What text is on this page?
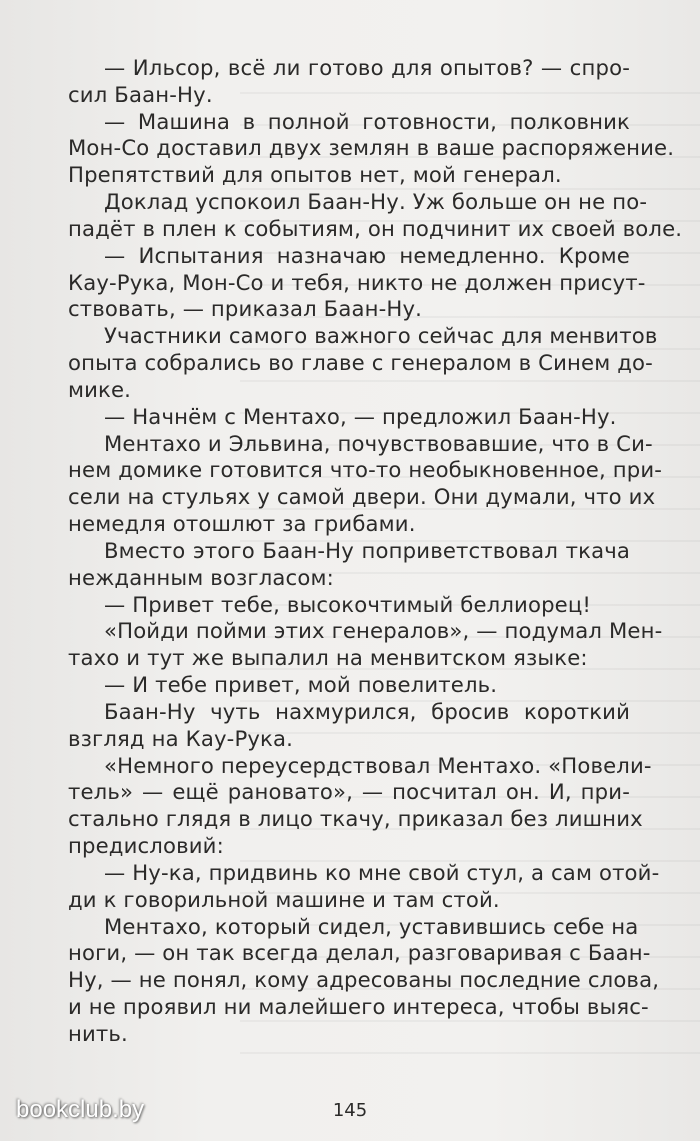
— Ильсор, всё ли готово для опытов? — спро-
сил Баан-Ну.
— Машина в полной готовности, полковник
Мон-Со доставил двух землян в ваше распоряжение.
Препятствий для опытов нет, мой генерал.
Доклад успокоил Баан-Ну. Уж больше он не по-
падёт в плен к событиям, он подчинит их своей воле.
— Испытания назначаю немедленно. Кроме
Кау-Рука, Мон-Со и тебя, никто не должен присут-
ствовать, — приказал Баан-Ну.
Участники самого важного сейчас для менвитов
опыта собрались во главе с генералом в Синем до-
мике.
— Начнём с Ментахо, — предложил Баан-Ну.
Ментахо и Эльвина, почувствовавшие, что в Си-
нем домике готовится что-то необыкновенное, при-
сели на стульях у самой двери. Они думали, что их
немедля отошлют за грибами.
Вместо этого Баан-Ну поприветствовал ткача
нежданным возгласом:
— Привет тебе, высокочтимый беллиорец!
«Пойди пойми этих генералов», — подумал Мен-
тахо и тут же выпалил на менвитском языке:
— И тебе привет, мой повелитель.
Баан-Ну чуть нахмурился, бросив короткий
взгляд на Кау-Рука.
«Немного переусердствовал Ментахо. «Повели-
тель» — ещё рановато», — посчитал он. И, при-
стально глядя в лицо ткачу, приказал без лишних
предисловий:
— Ну-ка, придвинь ко мне свой стул, а сам отой-
ди к говорильной машине и там стой.
Ментахо, который сидел, уставившись себе на
ноги, — он так всегда делал, разговаривая с Баан-
Ну, — не понял, кому адресованы последние слова,
и не проявил ни малейшего интереса, чтобы выяс-
нить.
145
bookclub.by
